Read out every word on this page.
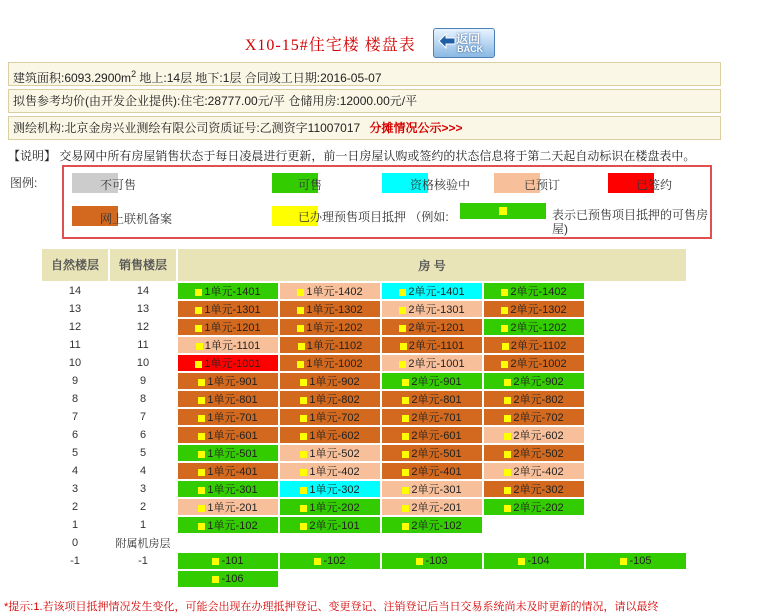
X10-15#住宅楼 楼盘表	返回
BACK
建筑面积$:6093.2900m^2$ 地上:14层 地下:1层 合同竣工日期:2016-05-07
拟售参考均价(由开发企业提供):住宅:28777.00元/平 仓储用房:12000.00元/平
测绘机构:北京金房兴业测绘有限公司资质证号:乙测资字11007017 分摊情况公示>>>
【说明】 交易网中所有房屋销售状态于每日凌晨进行更新，前一日房屋认购或签约的状态信息将于第二天起自动标识在楼盘表中。
图例:	不可售	可售	资格核验中	已预订	已签约
网上联机备案	已办理预售项目抵押 （例如:	表示已预售项目抵押的可售房屋)
自然楼层	销售楼层	房 号				
14	14	1单元-1401	1单元-1402	2单元-1401	2单元-1402	
13	13	1单元-1301	1单元-1302	2单元-1301	2单元-1302	
12	12	1单元-1201	1单元-1202	2单元-1201	2单元-1202	
11	11	1单元-1101	1单元-1102	2单元-1101	2单元-1102	
10	10	1单元-1001	1单元-1002	2单元-1001	2单元-1002	
9	9	1单元-901	1单元-902	2单元-901	2单元-902	
8	8	1单元-801	1单元-802	2单元-801	2单元-802	
7	7	1单元-701	1单元-702	2单元-701	2单元-702	
6	6	1单元-601	1单元-602	2单元-601	2单元-602	
5	5	1单元-501	1单元-502	2单元-501	2单元-502	
4	4	1单元-401	1单元-402	2单元-401	2单元-402	
3	3	1单元-301	1单元-302	2单元-301	2单元-302	
2	2	1单元-201	1单元-202	2单元-201	2单元-202	
1	1	1单元-102	2单元-101	2单元-102		
0	附属机房层					
-1	-1	-101	-102	-103	-104	-105
		-106				
*提示:1.若该项目抵押情况发生变化，可能会出现在办理抵押登记、变更登记、注销登记后当日交易系统尚未及时更新的情况，请以最终
